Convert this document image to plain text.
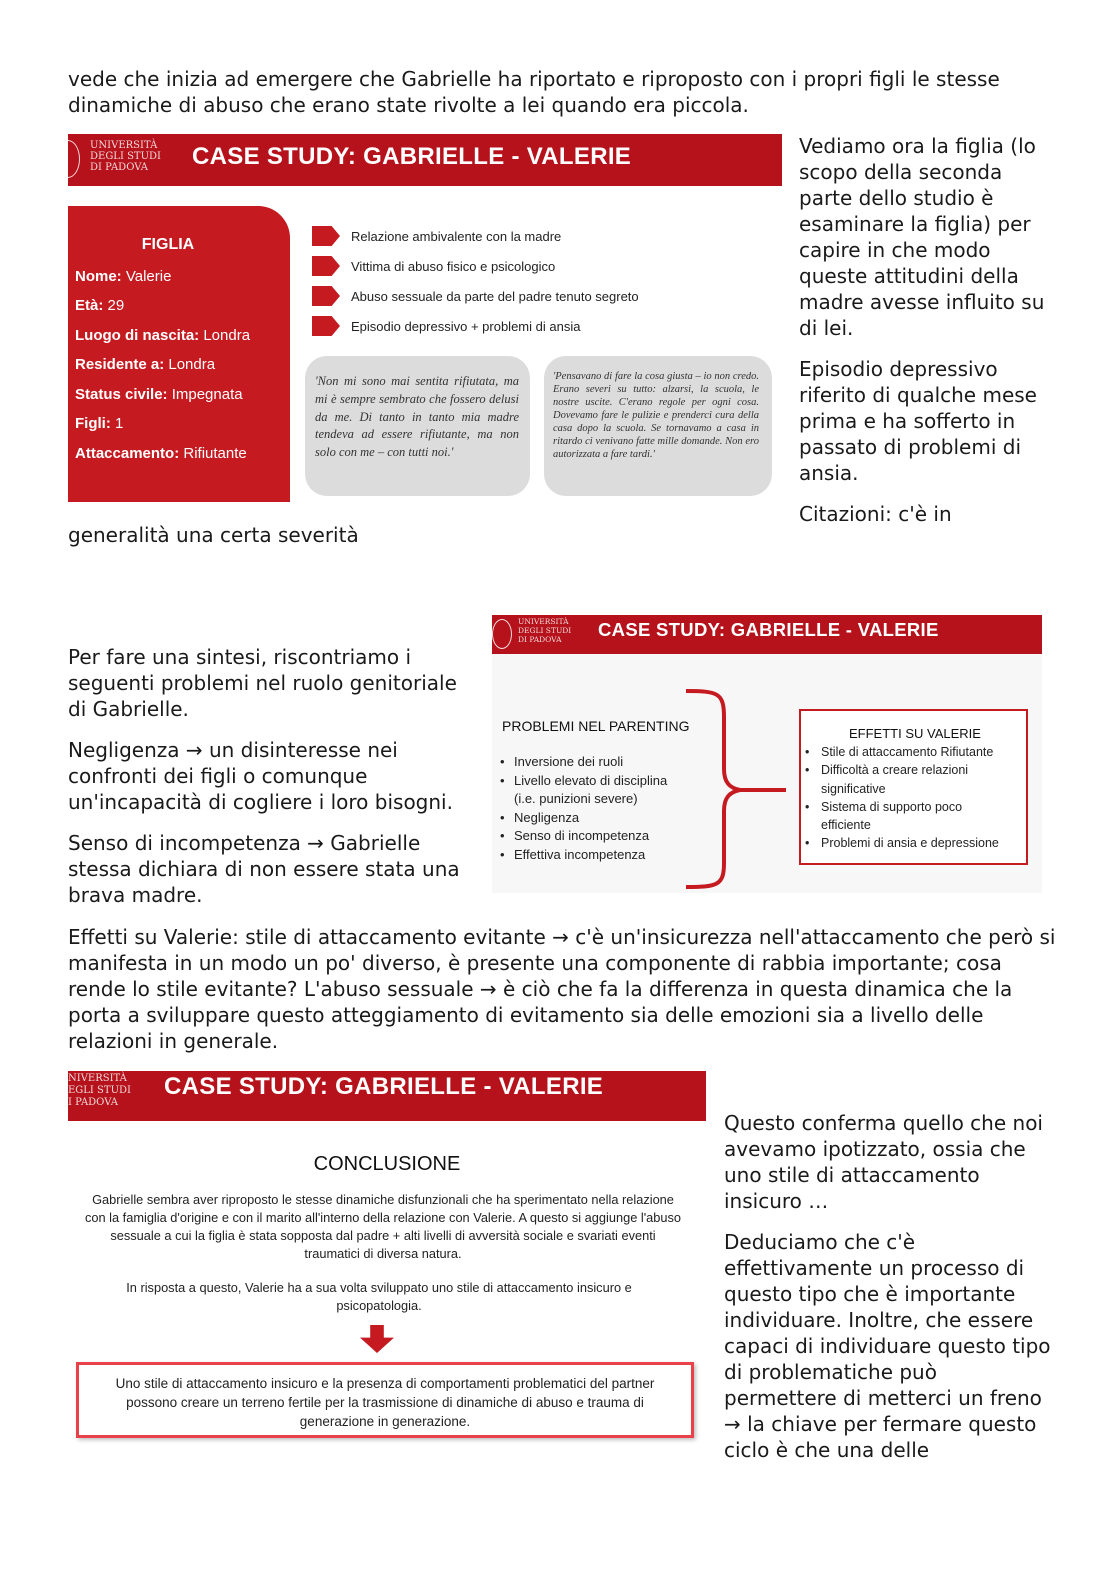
vede che inizia ad emergere che Gabrielle ha riportato e riproposto con i propri figli le stesse dinamiche di abuso che erano state rivolte a lei quando era piccola.

UNIVERSITÀ
DEGLI STUDI
DI PADOVA	CASE STUDY: GABRIELLE - VALERIE
FIGLIA
Nome: Valerie
Età: 29
Luogo di nascita: Londra
Residente a: Londra
Status civile: Impegnata
Figli: 1
Attaccamento: Rifiutante
Relazione ambivalente con la madre
Vittima di abuso fisico e psicologico
Abuso sessuale da parte del padre tenuto segreto
Episodio depressivo + problemi di ansia
'Non mi sono mai sentita rifiutata, ma mi è sempre sembrato che fossero delusi da me. Di tanto in tanto mia madre tendeva ad essere rifiutante, ma non solo con me – con tutti noi.'
'Pensavano di fare la cosa giusta – io non credo. Erano severi su tutto: alzarsi, la scuola, le nostre uscite. C'erano regole per ogni cosa. Dovevamo fare le pulizie e prenderci cura della casa dopo la scuola. Se tornavamo a casa in ritardo ci venivano fatte mille domande. Non ero autorizzata a fare tardi.'

Vediamo ora la figlia (lo scopo della seconda parte dello studio è esaminare la figlia) per capire in che modo queste attitudini della madre avesse influito su di lei.

Episodio depressivo riferito di qualche mese prima e ha sofferto in passato di problemi di ansia.

Citazioni: c'è in

generalità una certa severità

Per fare una sintesi, riscontriamo i seguenti problemi nel ruolo genitoriale di Gabrielle.

Negligenza → un disinteresse nei confronti dei figli o comunque un'incapacità di cogliere i loro bisogni.

Senso di incompetenza → Gabrielle stessa dichiara di non essere stata una brava madre.

UNIVERSITÀ
DEGLI STUDI
DI PADOVA	CASE STUDY: GABRIELLE - VALERIE
PROBLEMI NEL PARENTING
• Inversione dei ruoli
• Livello elevato di disciplina
(i.e. punizioni severe)
• Negligenza
• Senso di incompetenza
• Effettiva incompetenza
EFFETTI SU VALERIE
• Stile di attaccamento Rifiutante
• Difficoltà a creare relazioni
significative
• Sistema di supporto poco
efficiente
• Problemi di ansia e depressione

Effetti su Valerie: stile di attaccamento evitante → c'è un'insicurezza nell'attaccamento che però si manifesta in un modo un po' diverso, è presente una componente di rabbia importante; cosa rende lo stile evitante? L'abuso sessuale → è ciò che fa la differenza in questa dinamica che la porta a sviluppare questo atteggiamento di evitamento sia delle emozioni sia a livello delle relazioni in generale.

NIVERSITÀ
EGLI STUDI
I PADOVA
CASE STUDY: GABRIELLE - VALERIE
CONCLUSIONE
Gabrielle sembra aver riproposto le stesse dinamiche disfunzionali che ha sperimentato nella relazione con la famiglia d'origine e con il marito all'interno della relazione con Valerie. A questo si aggiunge l'abuso sessuale a cui la figlia è stata sopposta dal padre + alti livelli di avversità sociale e svariati eventi traumatici di diversa natura.
In risposta a questo, Valerie ha a sua volta sviluppato uno stile di attaccamento insicuro e psicopatologia.
Uno stile di attaccamento insicuro e la presenza di comportamenti problematici del partner possono creare un terreno fertile per la trasmissione di dinamiche di abuso e trauma di generazione in generazione.

Questo conferma quello che noi avevamo ipotizzato, ossia che uno stile di attaccamento insicuro …

Deduciamo che c'è effettivamente un processo di questo tipo che è importante individuare. Inoltre, che essere capaci di individuare questo tipo di problematiche può permettere di metterci un freno → la chiave per fermare questo ciclo è che una delle
